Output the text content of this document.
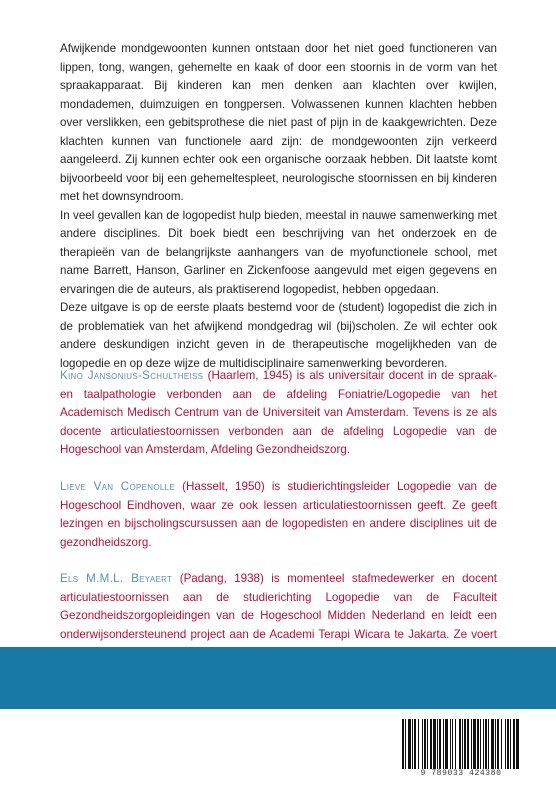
Afwijkende mondgewoonten kunnen ontstaan door het niet goed functioneren van lippen, tong, wangen, gehemelte en kaak of door een stoornis in de vorm van het spraakapparaat. Bij kinderen kan men denken aan klachten over kwijlen, mondademen, duimzuigen en tongpersen. Volwassenen kunnen klachten hebben over verslikken, een gebitsprothese die niet past of pijn in de kaakgewrichten. Deze klachten kunnen van functionele aard zijn: de mondgewoonten zijn verkeerd aangeleerd. Zij kunnen echter ook een organische oorzaak hebben. Dit laatste komt bijvoorbeeld voor bij een gehemeltespleet, neurologische stoornissen en bij kinderen met het downsyndroom.

In veel gevallen kan de logopedist hulp bieden, meestal in nauwe samenwerking met andere disciplines. Dit boek biedt een beschrijving van het onderzoek en de therapieën van de belangrijkste aanhangers van de myofunctionele school, met name Barrett, Hanson, Garliner en Zickenfoose aangevuld met eigen gegevens en ervaringen die de auteurs, als praktiserend logopedist, hebben opgedaan.

Deze uitgave is op de eerste plaats bestemd voor de (student) logopedist die zich in de problematiek van het afwijkend mondgedrag wil (bij)scholen. Ze wil echter ook andere deskundigen inzicht geven in de therapeutische mogelijkheden van de logopedie en op deze wijze de multidisciplinaire samenwerking bevorderen.

Kino Jansonius-Schultheiss (Haarlem, 1945) is als universitair docent in de spraak- en taalpathologie verbonden aan de afdeling Foniatrie/Logopedie van het Academisch Medisch Centrum van de Universiteit van Amsterdam. Tevens is ze als docente articulatiestoornissen verbonden aan de afdeling Logopedie van de Hogeschool van Amsterdam, Afdeling Gezondheidszorg.
Lieve Van Copenolle (Hasselt, 1950) is studierichtingsleider Logopedie van de Hogeschool Eindhoven, waar ze ook lessen articulatiestoornissen geeft. Ze geeft lezingen en bijscholingscursussen aan de logopedisten en andere disciplines uit de gezondheidszorg.
Els M.M.L. Beyaert (Padang, 1938) is momenteel stafmedewerker en docent articulatiestoornissen aan de studierichting Logopedie van de Faculteit Gezondheidszorgopleidingen van de Hogeschool Midden Nederland en leidt een onderwijsondersteunend project aan de Academi Terapi Wicara te Jakarta. Ze voert
9 789033 424380
